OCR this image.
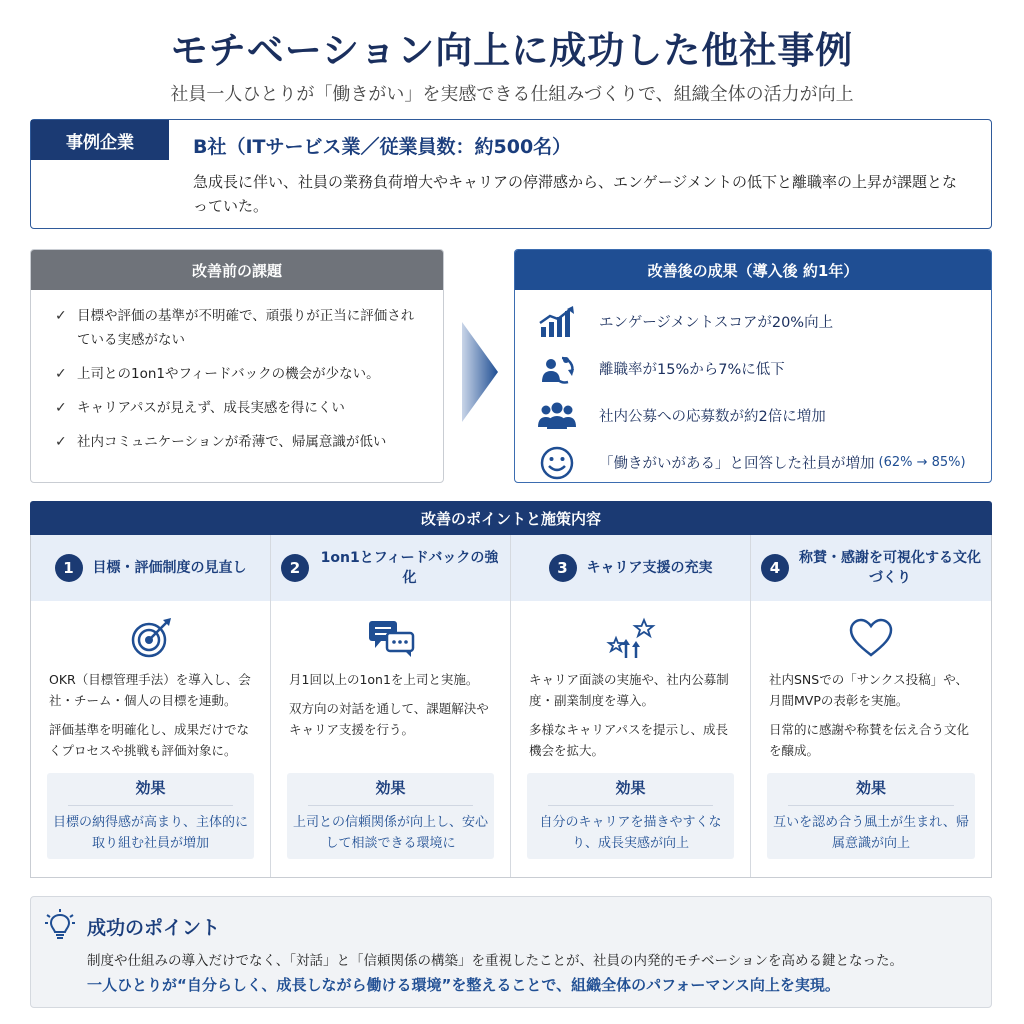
モチベーション向上に成功した他社事例
社員一人ひとりが「働きがい」を実感できる仕組みづくりで、組織全体の活力が向上
事例企業	B社（ITサービス業／従業員数：約500名）
急成長に伴い、社員の業務負荷増大やキャリアの停滞感から、エンゲージメントの低下と離職率の上昇が課題となっていた。
改善前の課題
✓ 目標や評価の基準が不明確で、頑張りが正当に評価されている実感がない
✓ 上司との1on1やフィードバックの機会が少ない。
✓ キャリアパスが見えず、成長実感を得にくい
✓ 社内コミュニケーションが希薄で、帰属意識が低い
改善後の成果（導入後 約1年）
エンゲージメントスコアが20%向上
離職率が15%から7%に低下
社内公募への応募数が約2倍に増加
「働きがいがある」と回答した社員が増加 (62% → 85%)
改善のポイントと施策内容
1	目標・評価制度の見直し

OKR（目標管理手法）を導入し、会社・チーム・個人の目標を連動。

評価基準を明確化し、成果だけでなくプロセスや挑戦も評価対象に。

効果
目標の納得感が高まり、主体的に取り組む社員が増加
2
1on1とフィードバックの強化

月1回以上の1on1を上司と実施。

双方向の対話を通して、課題解決やキャリア支援を行う。

効果
上司との信頼関係が向上し、安心して相談できる環境に
3	キャリア支援の充実

キャリア面談の実施や、社内公募制度・副業制度を導入。

多様なキャリアパスを提示し、成長機会を拡大。

効果
自分のキャリアを描きやすくなり、成長実感が向上
4
称賛・感謝を可視化する文化づくり

社内SNSでの「サンクス投稿」や、月間MVPの表彰を実施。

日常的に感謝や称賛を伝え合う文化を醸成。

効果
互いを認め合う風土が生まれ、帰属意識が向上
成功のポイント
制度や仕組みの導入だけでなく、「対話」と「信頼関係の構築」を重視したことが、社員の内発的モチベーションを高める鍵となった。
一人ひとりが“自分らしく、成長しながら働ける環境”を整えることで、組織全体のパフォーマンス向上を実現。
